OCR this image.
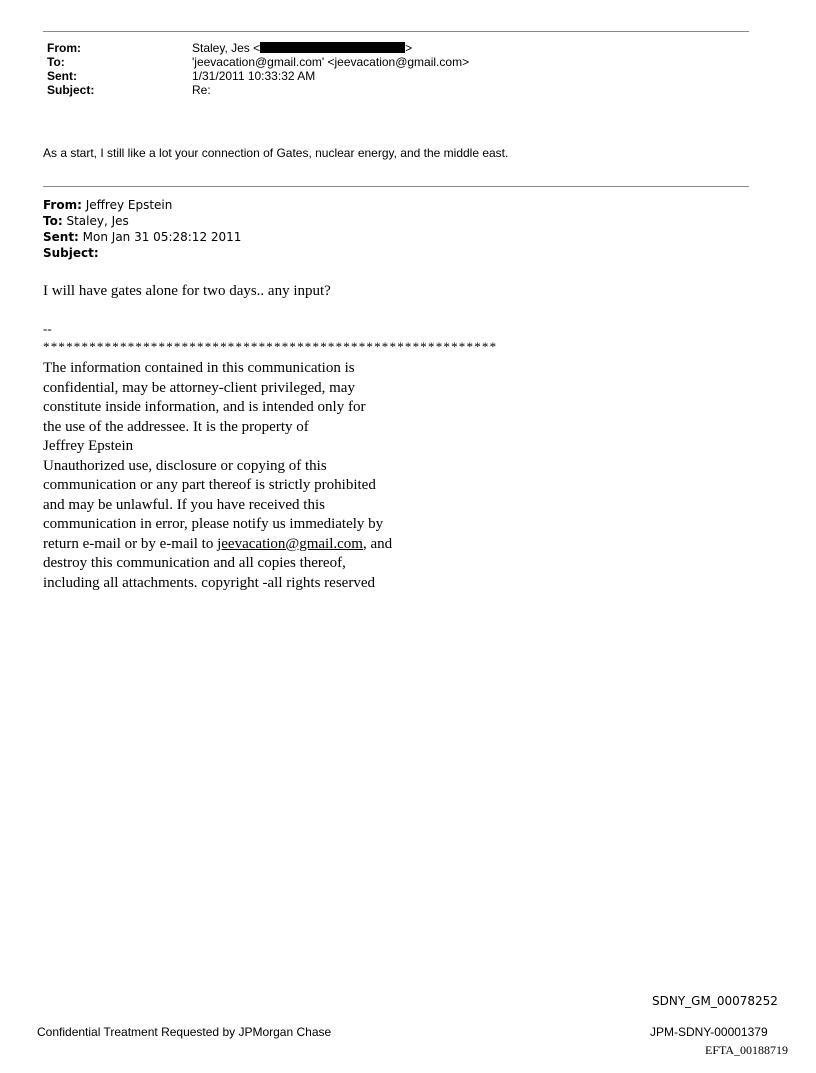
From:	Staley, Jes <	>
To:	'jeevacation@gmail.com' <jeevacation@gmail.com>
Sent:	1/31/2011 10:33:32 AM
Subject:	Re:
As a start, I still like a lot your connection of Gates, nuclear energy, and the middle east.
From: Jeffrey Epstein
To: Staley, Jes
Sent: Mon Jan 31 05:28:12 2011
Subject:
I will have gates alone for two days.. any input?
--
***********************************************************
The information contained in this communication is
confidential, may be attorney-client privileged, may
constitute inside information, and is intended only for
the use of the addressee. It is the property of
Jeffrey Epstein
Unauthorized use, disclosure or copying of this
communication or any part thereof is strictly prohibited
and may be unlawful. If you have received this
communication in error, please notify us immediately by
return e-mail or by e-mail to jeevacation@gmail.com, and
destroy this communication and all copies thereof,
including all attachments. copyright -all rights reserved
SDNY_GM_00078252
Confidential Treatment Requested by JPMorgan Chase	JPM-SDNY-00001379
EFTA_00188719
